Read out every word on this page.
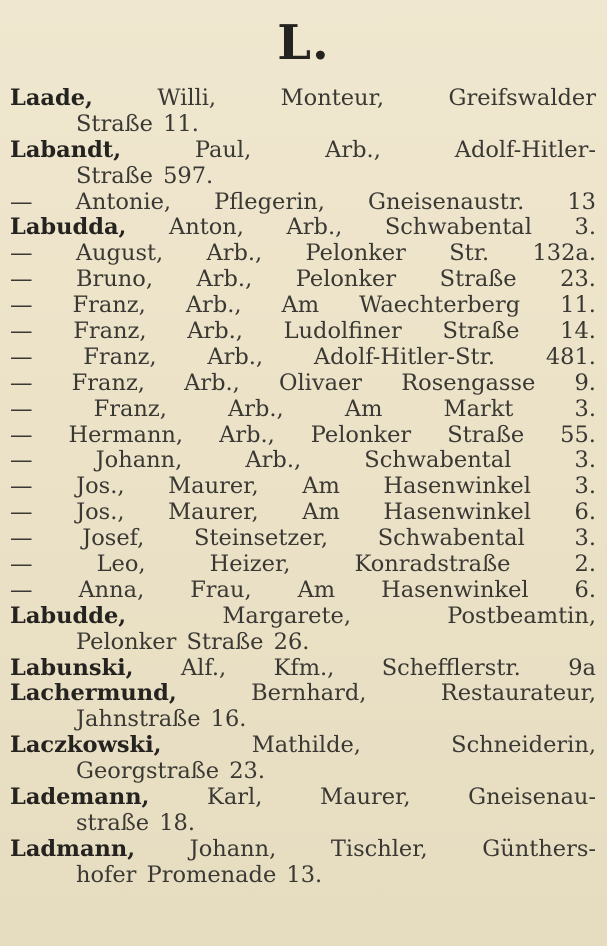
L.
Laade,	Willi,	Monteur,	Greifswalder
Straße 11.
Labandt,	Paul,	Arb.,	Adolf-Hitler-
Straße 597.
— Antonie, Pflegerin, Gneisenaustr. 13
Labudda, Anton, Arb., Schwabental 3.
— August, Arb., Pelonker Str. 132a.
— Bruno, Arb., Pelonker Straße 23.
— Franz, Arb., Am Waechterberg 11.
— Franz, Arb., Ludolfiner Straße 14.
— Franz, Arb., Adolf-Hitler-Str. 481.
— Franz, Arb., Olivaer Rosengasse 9.
—	Franz,	Arb.,	Am	Markt	3.
— Hermann, Arb., Pelonker Straße 55.
—	Johann,	Arb.,	Schwabental	3.
— Jos., Maurer, Am Hasenwinkel 3.
— Jos., Maurer, Am Hasenwinkel 6.
— Josef, Steinsetzer, Schwabental 3.
—	Leo,	Heizer,	Konradstraße	2.
— Anna, Frau, Am Hasenwinkel 6.
Labudde,	Margarete,	Postbeamtin,
Pelonker Straße 26.
Labunski, Alf., Kfm., Schefflerstr. 9a
Lachermund,	Bernhard,	Restaurateur,
Jahnstraße 16.
Laczkowski,	Mathilde,	Schneiderin,
Georgstraße 23.
Lademann,	Karl,	Maurer,	Gneisenau-
straße 18.
Ladmann, Johann, Tischler, Günthers-
hofer Promenade 13.
